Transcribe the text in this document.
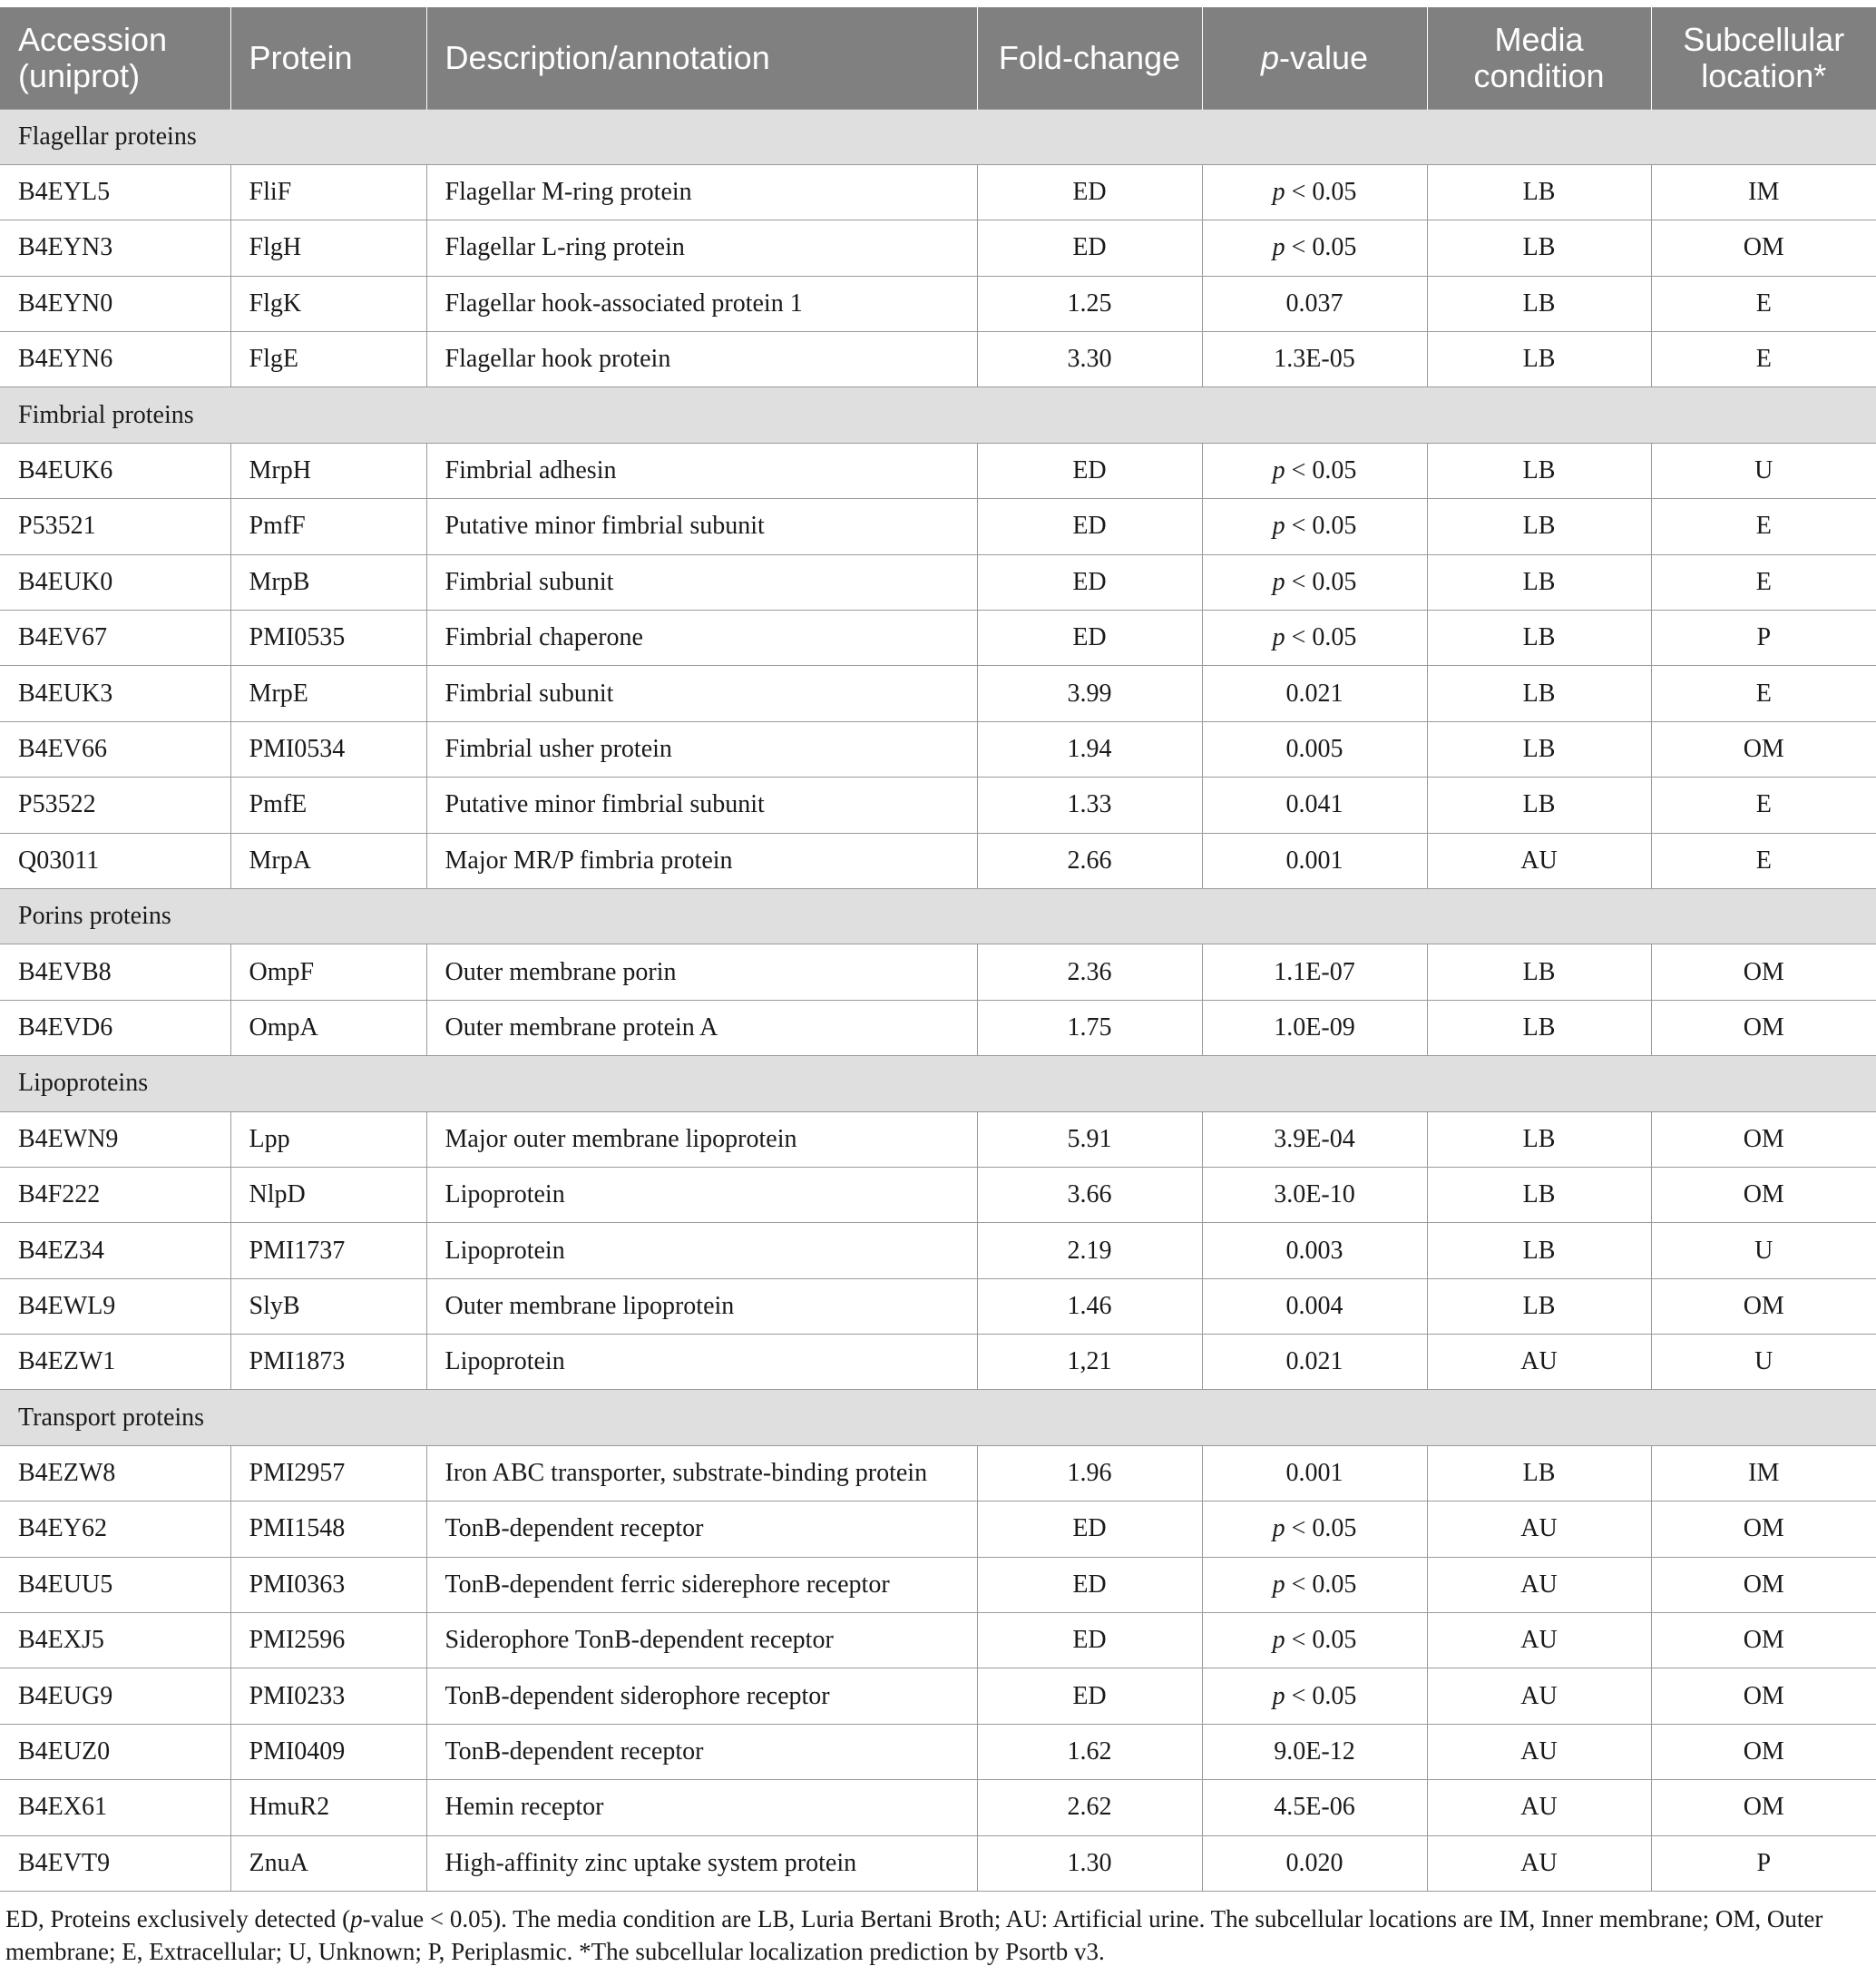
Accession (uniprot)	Protein	Description/annotation	Fold-change	p-value	Media condition	Subcellular location*
Flagellar proteins						
B4EYL5	FliF	Flagellar M-ring protein	ED	p < 0.05	LB	IM
B4EYN3	FlgH	Flagellar L-ring protein	ED	p < 0.05	LB	OM
B4EYN0	FlgK	Flagellar hook-associated protein 1	1.25	0.037	LB	E
B4EYN6	FlgE	Flagellar hook protein	3.30	1.3E-05	LB	E
Fimbrial proteins						
B4EUK6	MrpH	Fimbrial adhesin	ED	p < 0.05	LB	U
P53521	PmfF	Putative minor fimbrial subunit	ED	p < 0.05	LB	E
B4EUK0	MrpB	Fimbrial subunit	ED	p < 0.05	LB	E
B4EV67	PMI0535	Fimbrial chaperone	ED	p < 0.05	LB	P
B4EUK3	MrpE	Fimbrial subunit	3.99	0.021	LB	E
B4EV66	PMI0534	Fimbrial usher protein	1.94	0.005	LB	OM
P53522	PmfE	Putative minor fimbrial subunit	1.33	0.041	LB	E
Q03011	MrpA	Major MR/P fimbria protein	2.66	0.001	AU	E
Porins proteins						
B4EVB8	OmpF	Outer membrane porin	2.36	1.1E-07	LB	OM
B4EVD6	OmpA	Outer membrane protein A	1.75	1.0E-09	LB	OM
Lipoproteins						
B4EWN9	Lpp	Major outer membrane lipoprotein	5.91	3.9E-04	LB	OM
B4F222	NlpD	Lipoprotein	3.66	3.0E-10	LB	OM
B4EZ34	PMI1737	Lipoprotein	2.19	0.003	LB	U
B4EWL9	SlyB	Outer membrane lipoprotein	1.46	0.004	LB	OM
B4EZW1	PMI1873	Lipoprotein	1,21	0.021	AU	U
Transport proteins						
B4EZW8	PMI2957	Iron ABC transporter, substrate-binding protein	1.96	0.001	LB	IM
B4EY62	PMI1548	TonB-dependent receptor	ED	p < 0.05	AU	OM
B4EUU5	PMI0363	TonB-dependent ferric siderephore receptor	ED	p < 0.05	AU	OM
B4EXJ5	PMI2596	Siderophore TonB-dependent receptor	ED	p < 0.05	AU	OM
B4EUG9	PMI0233	TonB-dependent siderophore receptor	ED	p < 0.05	AU	OM
B4EUZ0	PMI0409	TonB-dependent receptor	1.62	9.0E-12	AU	OM
B4EX61	HmuR2	Hemin receptor	2.62	4.5E-06	AU	OM
B4EVT9	ZnuA	High-affinity zinc uptake system protein	1.30	0.020	AU	P

ED, Proteins exclusively detected (p-value < 0.05). The media condition are LB, Luria Bertani Broth; AU: Artificial urine. The subcellular locations are IM, Inner membrane; OM, Outer membrane; E, Extracellular; U, Unknown; P, Periplasmic. *The subcellular localization prediction by Psortb v3.
